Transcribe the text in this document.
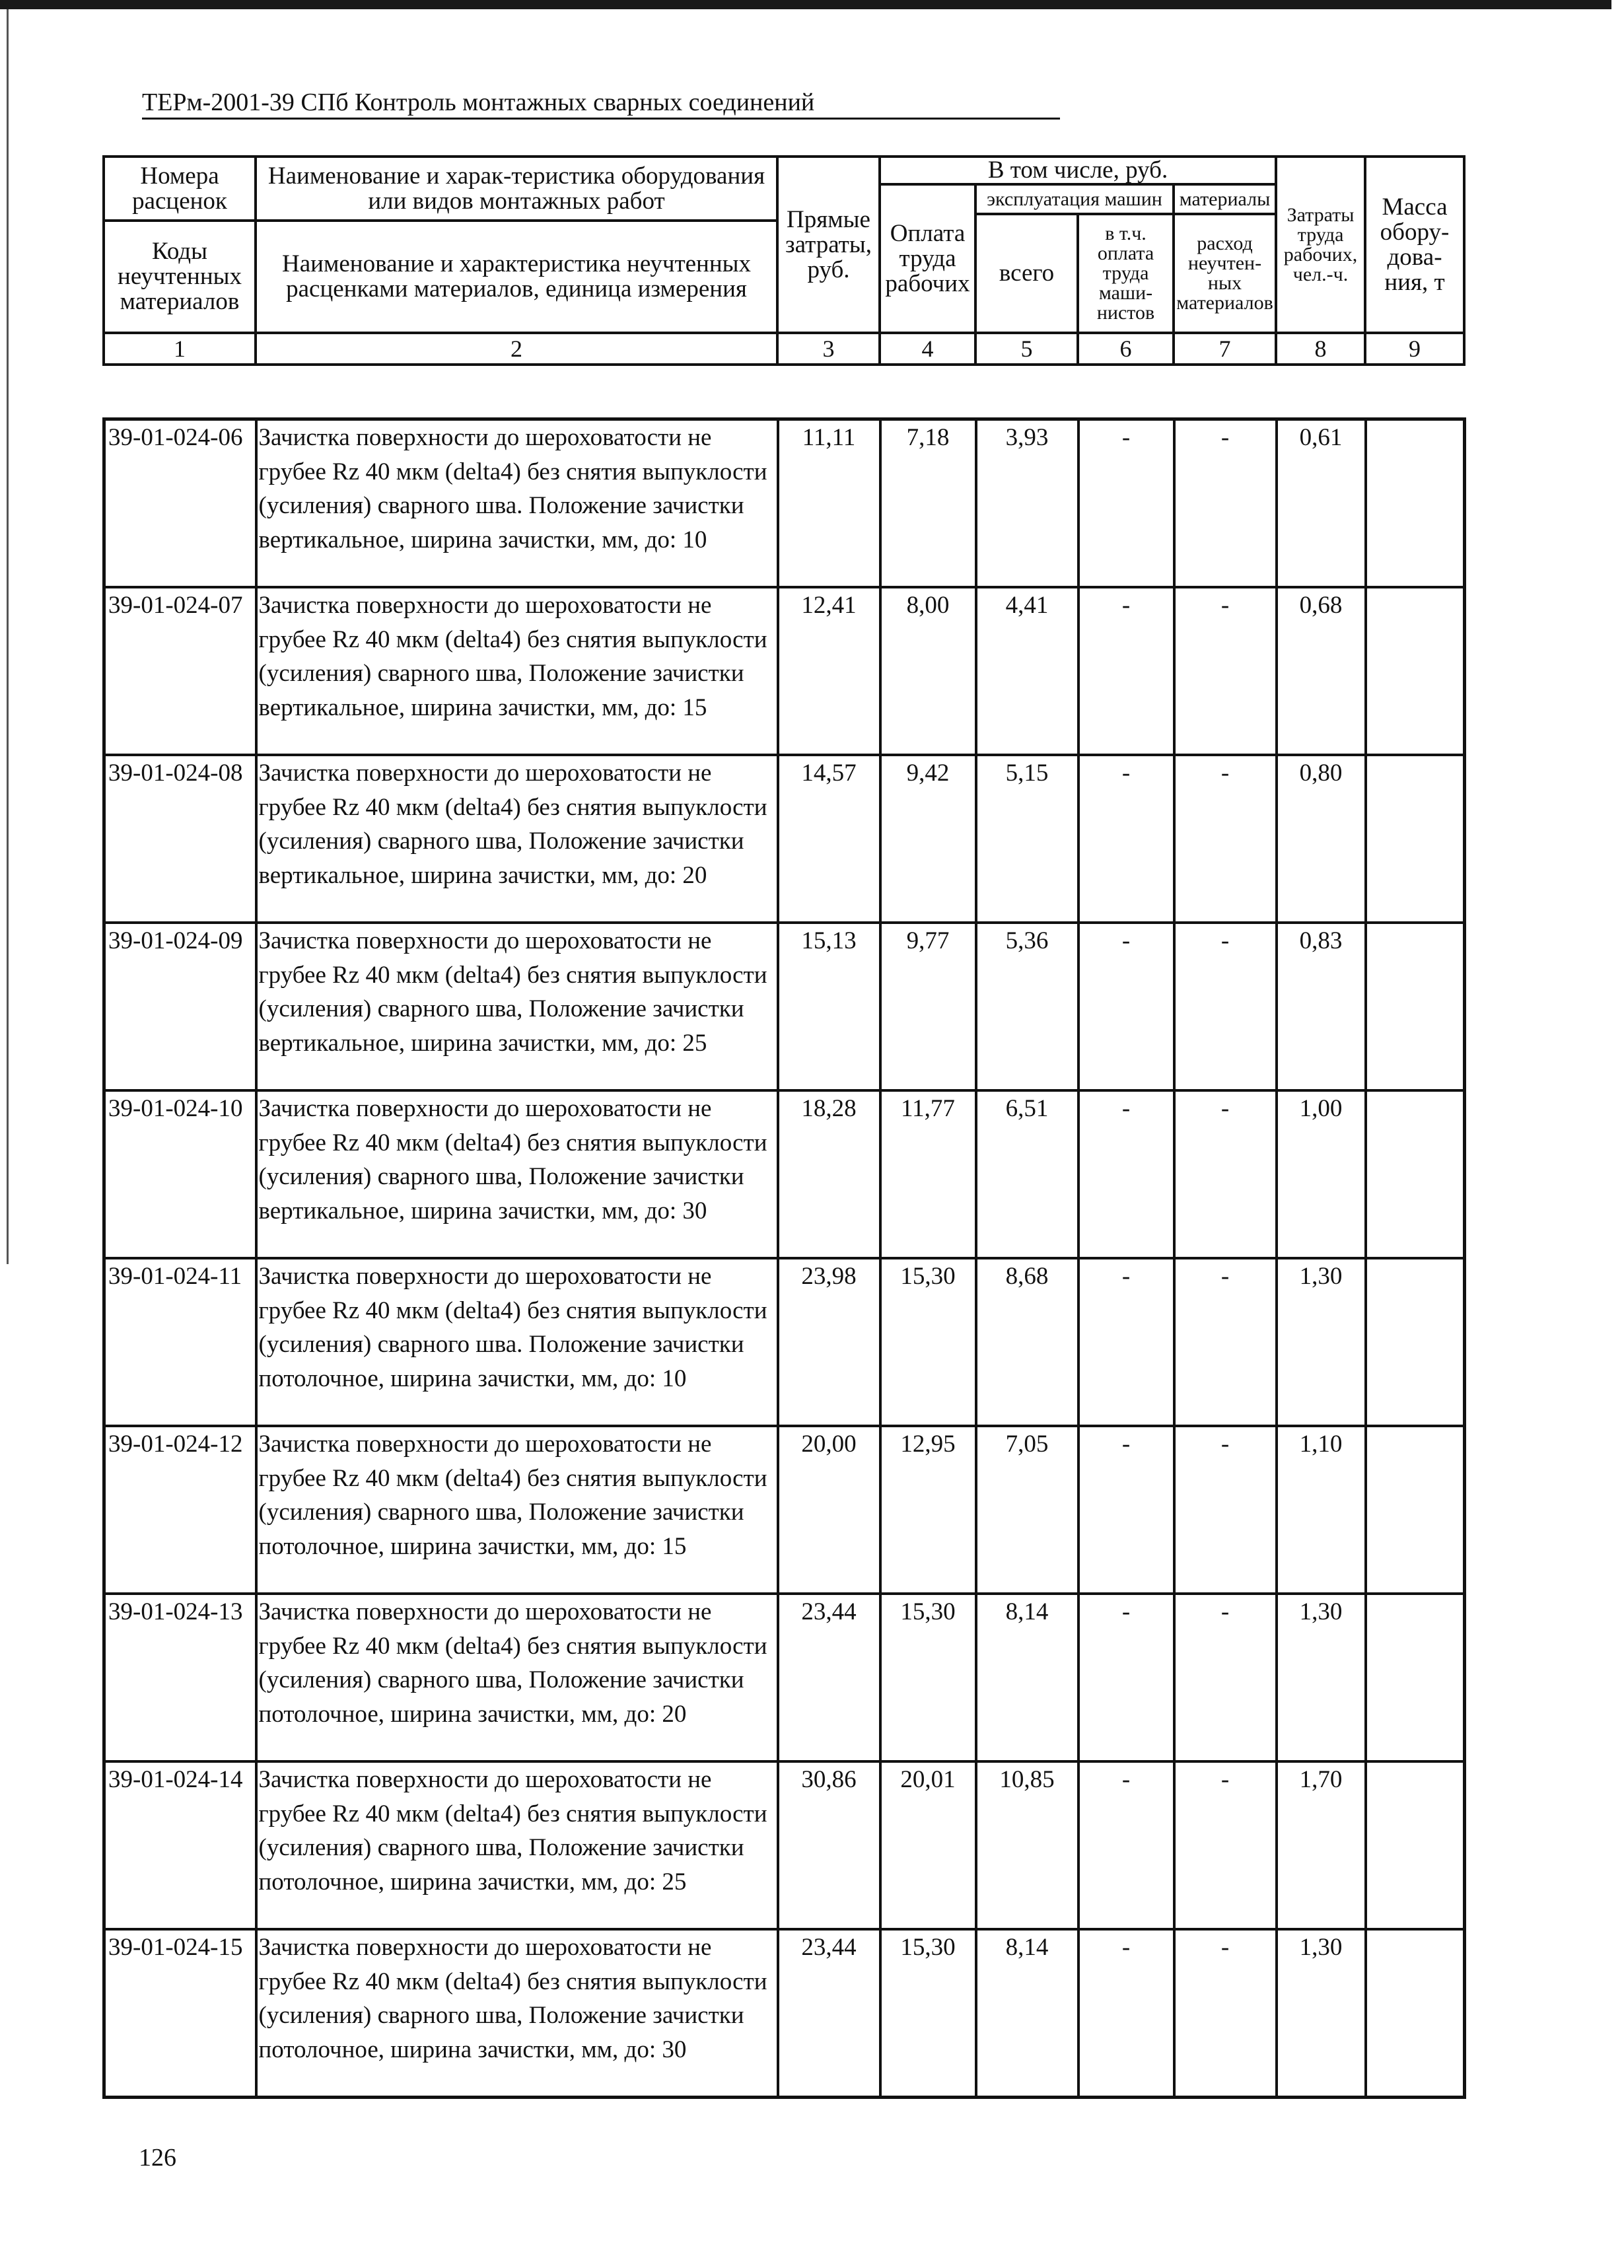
ТЕРм-2001-39 СПб Контроль монтажных сварных соединений
Номера расценок	Наименование и харак-теристика оборудования или видов монтажных работ	Прямые затраты, руб.	В том числе, руб.				Затраты труда рабочих, чел.-ч.	Масса обору-дова-ния, т
			Оплата труда рабочих	эксплуатация машин		материалы		
				всего	в т.ч. оплата труда маши-нистов	расход неучтен-ных материалов		
Коды неучтенных материалов	Наименование и характеристика неучтенных расценками материалов, единица измерения							

1	2	3	4	5	6	7	8	9
39-01-024-06	Зачистка поверхности до шероховатости не грубее Rz 40 мкм (delta4) без снятия выпуклости (усиления) сварного шва. Положение зачистки вертикальное, ширина зачистки, мм, до: 10	11,11	7,18	3,93	-	-	0,61	

39-01-024-07	Зачистка поверхности до шероховатости не грубее Rz 40 мкм (delta4) без снятия выпуклости (усиления) сварного шва, Положение зачистки вертикальное, ширина зачистки, мм, до: 15	12,41	8,00	4,41	-	-	0,68	

39-01-024-08	Зачистка поверхности до шероховатости не грубее Rz 40 мкм (delta4) без снятия выпуклости (усиления) сварного шва, Положение зачистки вертикальное, ширина зачистки, мм, до: 20	14,57	9,42	5,15	-	-	0,80	

39-01-024-09	Зачистка поверхности до шероховатости не грубее Rz 40 мкм (delta4) без снятия выпуклости (усиления) сварного шва, Положение зачистки вертикальное, ширина зачистки, мм, до: 25	15,13	9,77	5,36	-	-	0,83	

39-01-024-10	Зачистка поверхности до шероховатости не грубее Rz 40 мкм (delta4) без снятия выпуклости (усиления) сварного шва, Положение зачистки вертикальное, ширина зачистки, мм, до: 30	18,28	11,77	6,51	-	-	1,00	

39-01-024-11	Зачистка поверхности до шероховатости не грубее Rz 40 мкм (delta4) без снятия выпуклости (усиления) сварного шва. Положение зачистки потолочное, ширина зачистки, мм, до: 10	23,98	15,30	8,68	-	-	1,30	

39-01-024-12	Зачистка поверхности до шероховатости не грубее Rz 40 мкм (delta4) без снятия выпуклости (усиления) сварного шва, Положение зачистки потолочное, ширина зачистки, мм, до: 15	20,00	12,95	7,05	-	-	1,10	

39-01-024-13	Зачистка поверхности до шероховатости не грубее Rz 40 мкм (delta4) без снятия выпуклости (усиления) сварного шва, Положение зачистки потолочное, ширина зачистки, мм, до: 20	23,44	15,30	8,14	-	-	1,30	

39-01-024-14	Зачистка поверхности до шероховатости не грубее Rz 40 мкм (delta4) без снятия выпуклости (усиления) сварного шва, Положение зачистки потолочное, ширина зачистки, мм, до: 25	30,86	20,01	10,85	-	-	1,70	

39-01-024-15	Зачистка поверхности до шероховатости не грубее Rz 40 мкм (delta4) без снятия выпуклости (усиления) сварного шва, Положение зачистки потолочное, ширина зачистки, мм, до: 30	23,44	15,30	8,14	-	-	1,30	

126
